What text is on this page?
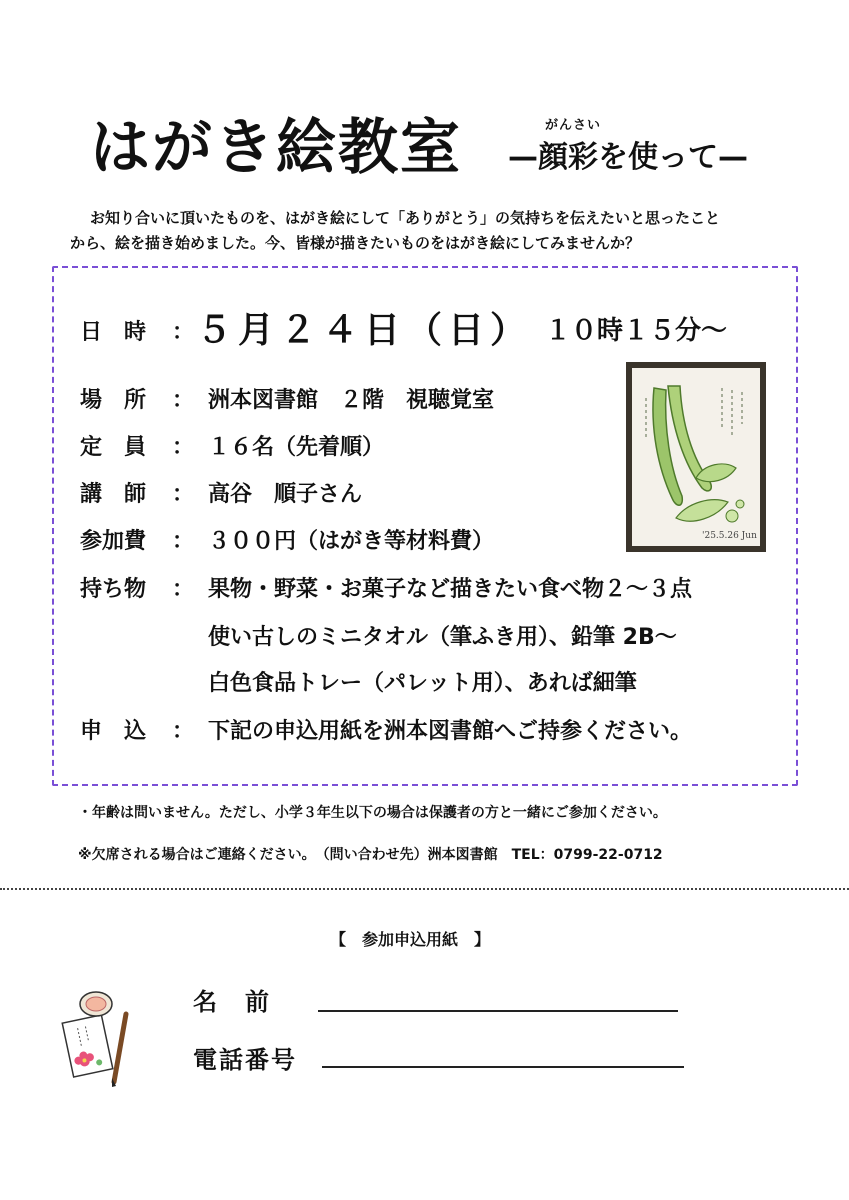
はがき絵教室	がんさい
—顔彩を使って—
お知り合いに頂いたものを、はがき絵にして「ありがとう」の気持ちを伝えたいと思ったこと
から、絵を描き始めました。今、皆様が描きたいものをはがき絵にしてみませんか？
日　時 ： ５月２４日（日） １０時１５分～
場　所 ： 洲本図書館　２階　視聴覚室
定　員 ： １６名（先着順）
講　師 ： 高谷　順子さん
参加費 ： ３００円（はがき等材料費）
持ち物 ： 果物・野菜・お菓子など描きたい食べ物２～３点
使い古しのミニタオル（筆ふき用）、鉛筆 2B～
白色食品トレー（パレット用）、あれば細筆
申　込 ： 下記の申込用紙を洲本図書館へご持参ください。
'25.5.26 Jun
・年齢は問いません。ただし、小学３年生以下の場合は保護者の方と一緒にご参加ください。
※欠席される場合はご連絡ください。　（問い合わせ先）洲本図書館　TEL：0799-22-0712
【　参加申込用紙　】
名　前
電話番号
